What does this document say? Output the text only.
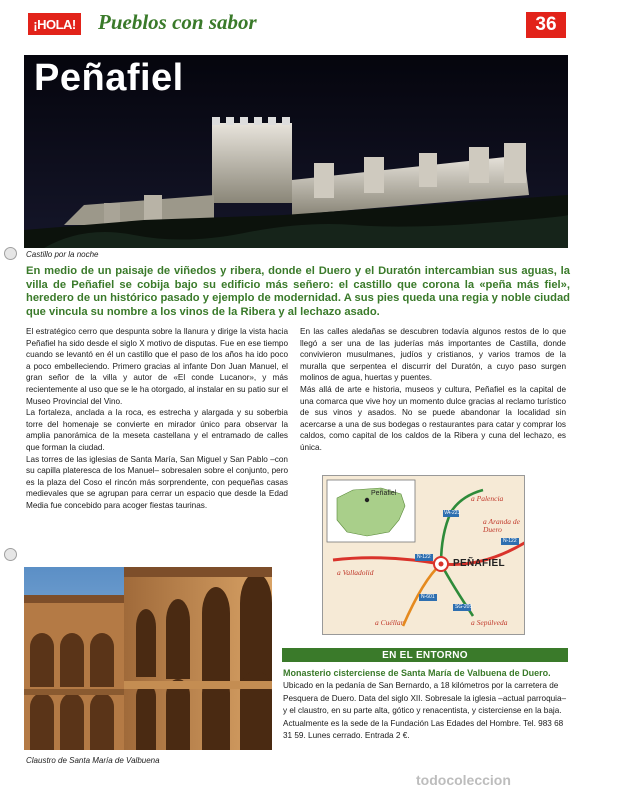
¡HOLA! Pueblos con sabor	36
Peñafiel
Castillo por la noche
En medio de un paisaje de viñedos y ribera, donde el Duero y el Duratón intercambian sus aguas, la villa de Peñafiel se cobija bajo su edificio más señero: el castillo que corona la «peña más fiel», heredero de un histórico pasado y ejemplo de modernidad. A sus pies queda una regia y noble ciudad que vincula su nombre a los vinos de la Ribera y al lechazo asado.

El estratégico cerro que despunta sobre la llanura y dirige la vista hacia Peñafiel ha sido desde el siglo X motivo de disputas. Fue en ese tiempo cuando se levantó en él un castillo que el paso de los años ha ido poco a poco embelleciendo. Primero gracias al infante Don Juan Manuel, el gran señor de la villa y autor de «El conde Lucanor», y más recientemente al uso que se le ha otorgado, al instalar en su patio sur el Museo Provincial del Vino.

La fortaleza, anclada a la roca, es estrecha y alargada y su soberbia torre del homenaje se convierte en mirador único para observar la amplia panorámica de la meseta castellana y el entramado de calles que forman la ciudad.

Las torres de las iglesias de Santa María, San Miguel y San Pablo –con su capilla plateresca de los Manuel– sobresalen sobre el conjunto, pero es la plaza del Coso el rincón más sorprendente, con pequeñas casas medievales que se agrupan para cerrar un espacio que desde la Edad Media fue concebido para acoger fiestas taurinas.

En las calles aledañas se descubren todavía algunos restos de lo que llegó a ser una de las juderías más importantes de Castilla, donde convivieron musulmanes, judíos y cristianos, y varios tramos de la muralla que serpentea el discurrir del Duratón, a cuyo paso surgen molinos de agua, huertas y puentes.

Más allá de arte e historia, museos y cultura, Peñafiel es la capital de una comarca que vive hoy un momento dulce gracias al reclamo turístico de sus vinos y asados. No se puede abandonar la localidad sin acercarse a una de sus bodegas o restaurantes para catar y comprar los caldos, como capital de los caldos de la Ribera y cuna del lechazo, es única.

Peñafiel
a Palencia
a Aranda de Duero
a Valladolid
a Cuéllar	a Sepúlveda
PEÑAFIEL
N-122
N-122
VA-223
N-601
SG-205
Claustro de Santa María de Valbuena
EN EL ENTORNO
Monasterio cisterciense de Santa María de Valbuena de Duero. Ubicado en la pedanía de San Bernardo, a 18 kilómetros por la carretera de Pesquera de Duero. Data del siglo XII. Sobresale la iglesia –actual parroquia– y el claustro, en su parte alta, gótico y renacentista, y cisterciense en la baja. Actualmente es la sede de la Fundación Las Edades del Hombre. Tel. 983 68 31 59. Lunes cerrado. Entrada 2 €.
todocoleccion
